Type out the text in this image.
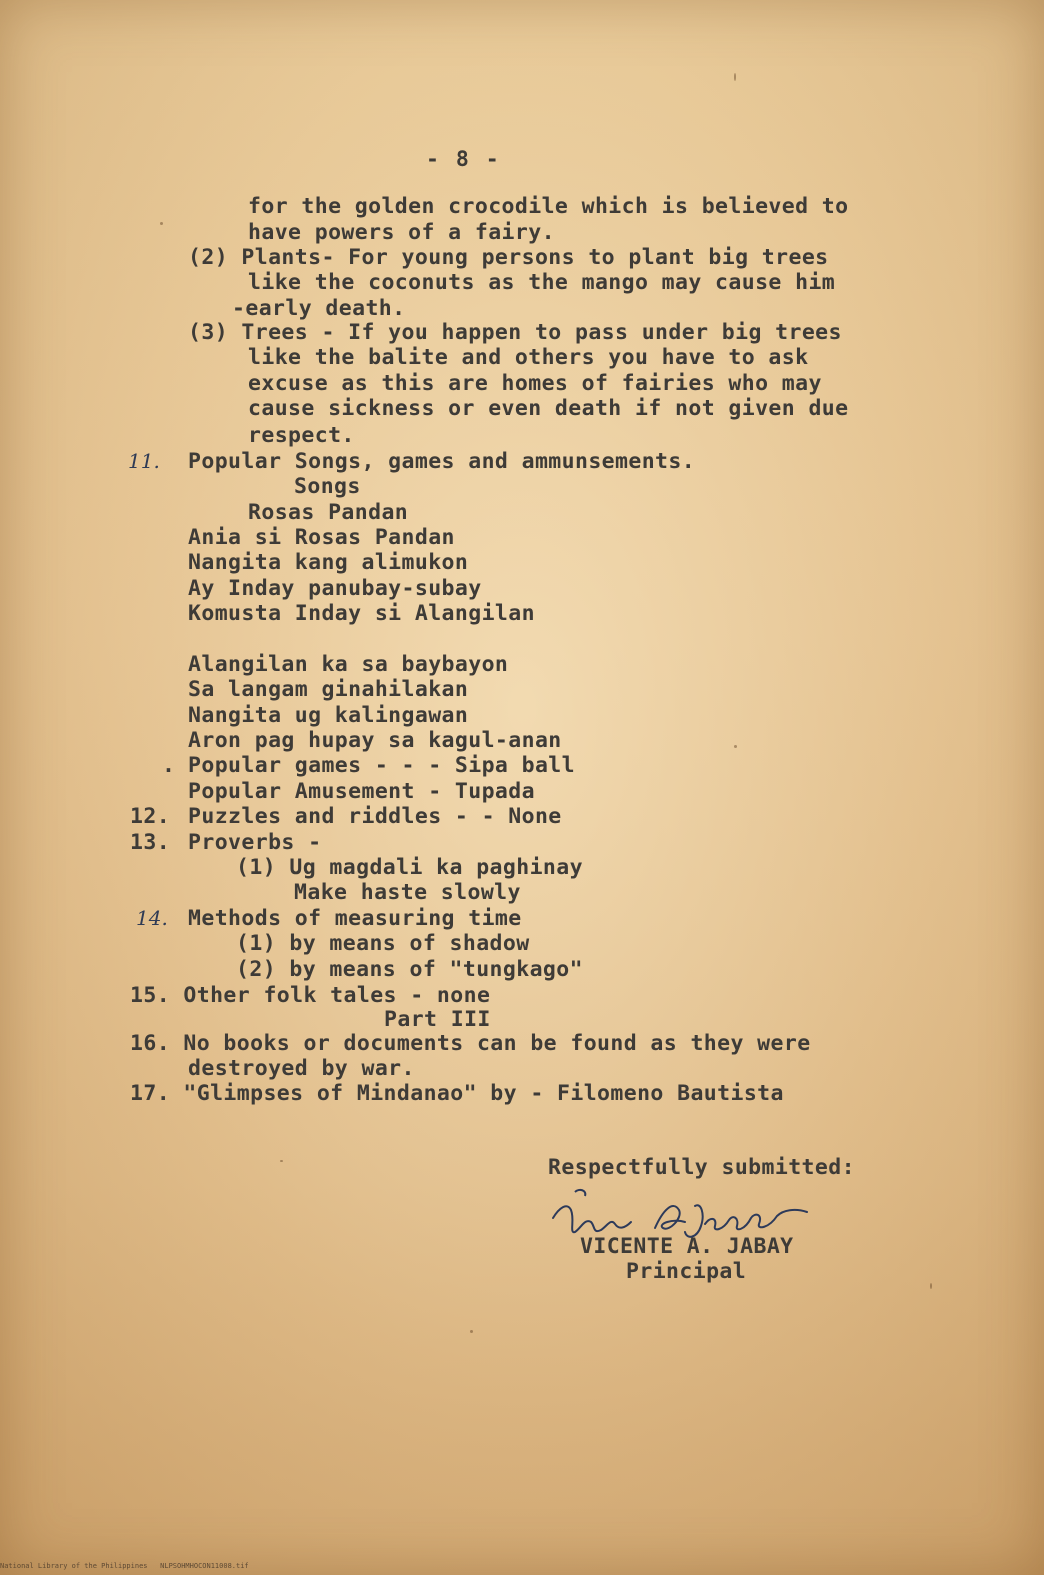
- 8 -
for the golden crocodile which is believed to
have powers of a fairy.
(2) Plants- For young persons to plant big trees
like the coconuts as the mango may cause him
-early death.
(3) Trees - If you happen to pass under big trees
like the balite and others you have to ask
excuse as this are homes of fairies who may
cause sickness or even death if not given due
respect.
11. Popular Songs, games and ammunsements.
Songs
Rosas Pandan
Ania si Rosas Pandan
Nangita kang alimukon
Ay Inday panubay-subay
Komusta Inday si Alangilan
Alangilan ka sa baybayon
Sa langam ginahilakan
Nangita ug kalingawan
Aron pag hupay sa kagul-anan
. Popular games - - - Sipa ball
Popular Amusement - Tupada
12. Puzzles and riddles - - None
13. Proverbs -
(1) Ug magdali ka paghinay
Make haste slowly
14. Methods of measuring time
(1) by means of shadow
(2) by means of "tungkago"
15. Other folk tales - none
Part III
16. No books or documents can be found as they were
destroyed by war.
17. "Glimpses of Mindanao" by - Filomeno Bautista
Respectfully submitted:
VICENTE A. JABAY
Principal
National Library of the Philippines   NLPSOHMHOCON11008.tif
